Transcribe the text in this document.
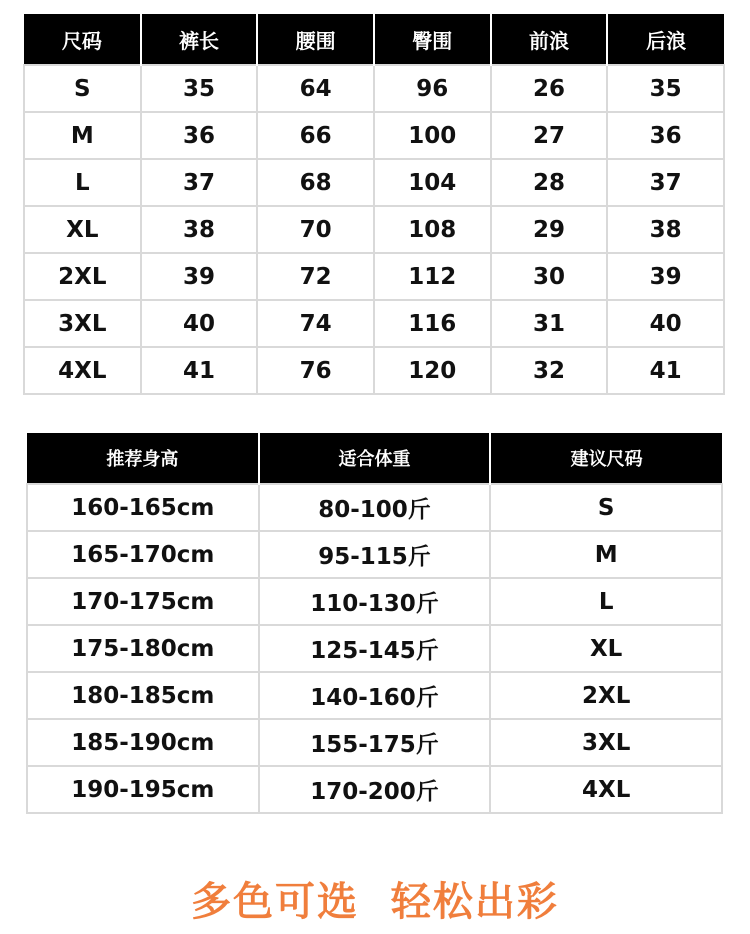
尺码	裤长	腰围	臀围	前浪	后浪
S	35	64	96	26	35
M	36	66	100	27	36
L	37	68	104	28	37
XL	38	70	108	29	38
2XL	39	72	112	30	39
3XL	40	74	116	31	40
4XL	41	76	120	32	41
推荐身高	适合体重	建议尺码
160-165cm	80-100斤	S
165-170cm	95-115斤	M
170-175cm	110-130斤	L
175-180cm	125-145斤	XL
180-185cm	140-160斤	2XL
185-190cm	155-175斤	3XL
190-195cm	170-200斤	4XL
多色可选  轻松出彩
